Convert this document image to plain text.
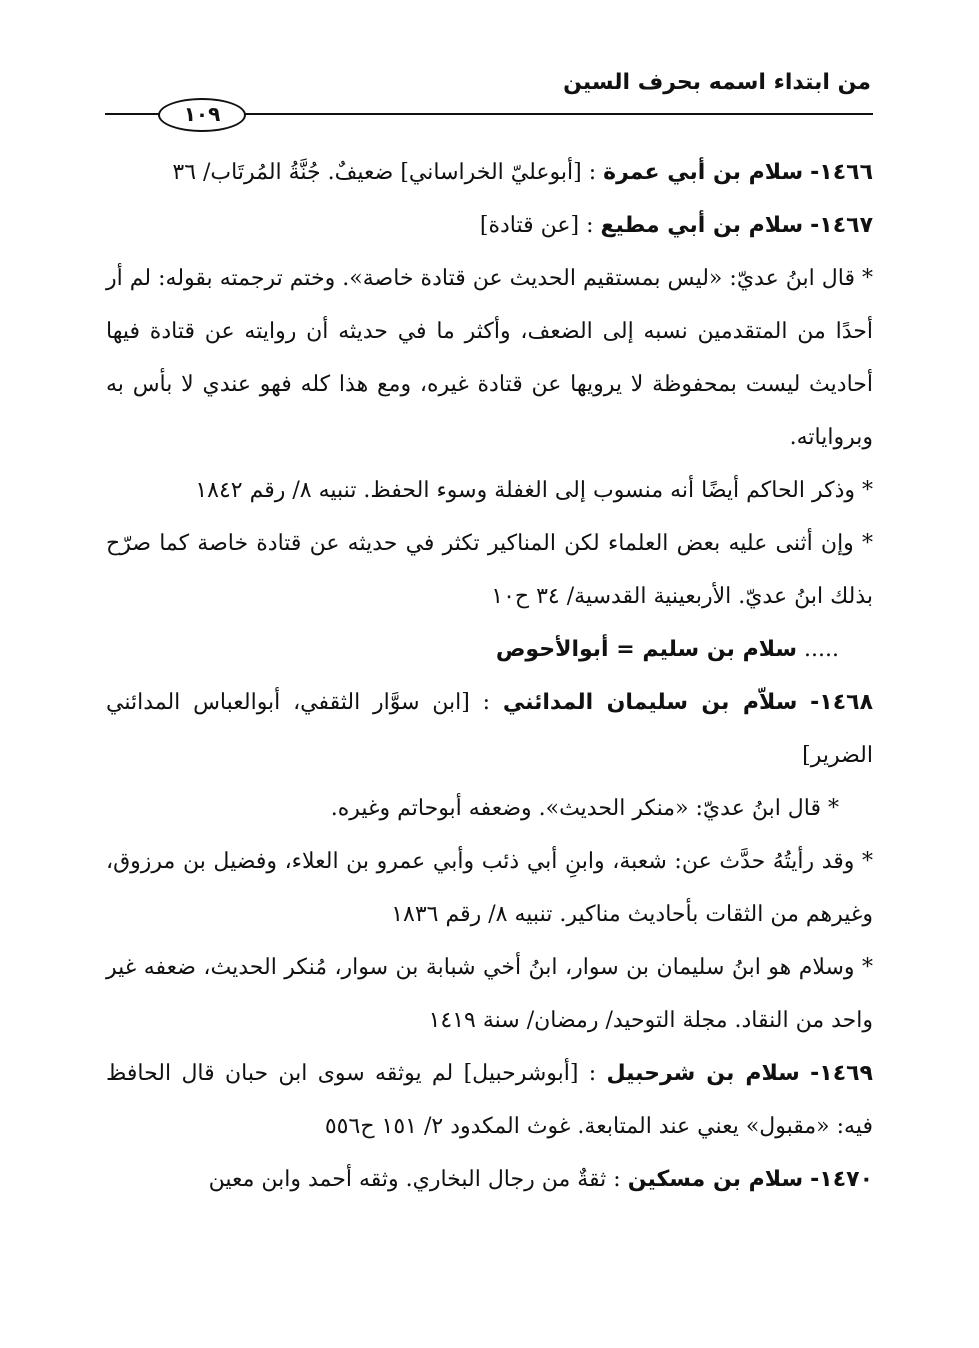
من ابتداء اسمه بحرف السين
١٠٩

١٤٦٦- سلام بن أبي عمرة : [أبوعليّ الخراساني] ضعيفٌ. جُنَّةُ المُرتَاب/ ٣٦

١٤٦٧- سلام بن أبي مطيع : [عن قتادة]

* قال ابنُ عديّ: «ليس بمستقيم الحديث عن قتادة خاصة». وختم ترجمته بقوله: لم أر أحدًا من المتقدمين نسبه إلى الضعف، وأكثر ما في حديثه أن روايته عن قتادة فيها أحاديث ليست بمحفوظة لا يرويها عن قتادة غيره، ومع هذا كله فهو عندي لا بأس به وبرواياته.

* وذكر الحاكم أيضًا أنه منسوب إلى الغفلة وسوء الحفظ. تنبيه ٨/ رقم ١٨٤٢

* وإن أثنى عليه بعض العلماء لكن المناكير تكثر في حديثه عن قتادة خاصة كما صرّح بذلك ابنُ عديّ. الأربعينية القدسية/ ٣٤ ح١٠

..... سلام بن سليم = أبوالأحوص

١٤٦٨- سلاّم بن سليمان المدائني : [ابن سوَّار الثقفي، أبوالعباس المدائني الضرير]

* قال ابنُ عديّ: «منكر الحديث». وضعفه أبوحاتم وغيره.

* وقد رأيتُهُ حدَّث عن: شعبة، وابنِ أبي ذئب وأبي عمرو بن العلاء، وفضيل بن مرزوق، وغيرهم من الثقات بأحاديث مناكير. تنبيه ٨/ رقم ١٨٣٦

* وسلام هو ابنُ سليمان بن سوار، ابنُ أخي شبابة بن سوار، مُنكر الحديث، ضعفه غير واحد من النقاد. مجلة التوحيد/ رمضان/ سنة ١٤١٩

١٤٦٩- سلام بن شرحبيل : [أبوشرحبيل] لم يوثقه سوى ابن حبان قال الحافظ فيه: «مقبول» يعني عند المتابعة. غوث المكدود ٢/ ١٥١ ح٥٥٦

١٤٧٠- سلام بن مسكين : ثقةٌ من رجال البخاري. وثقه أحمد وابن معين
